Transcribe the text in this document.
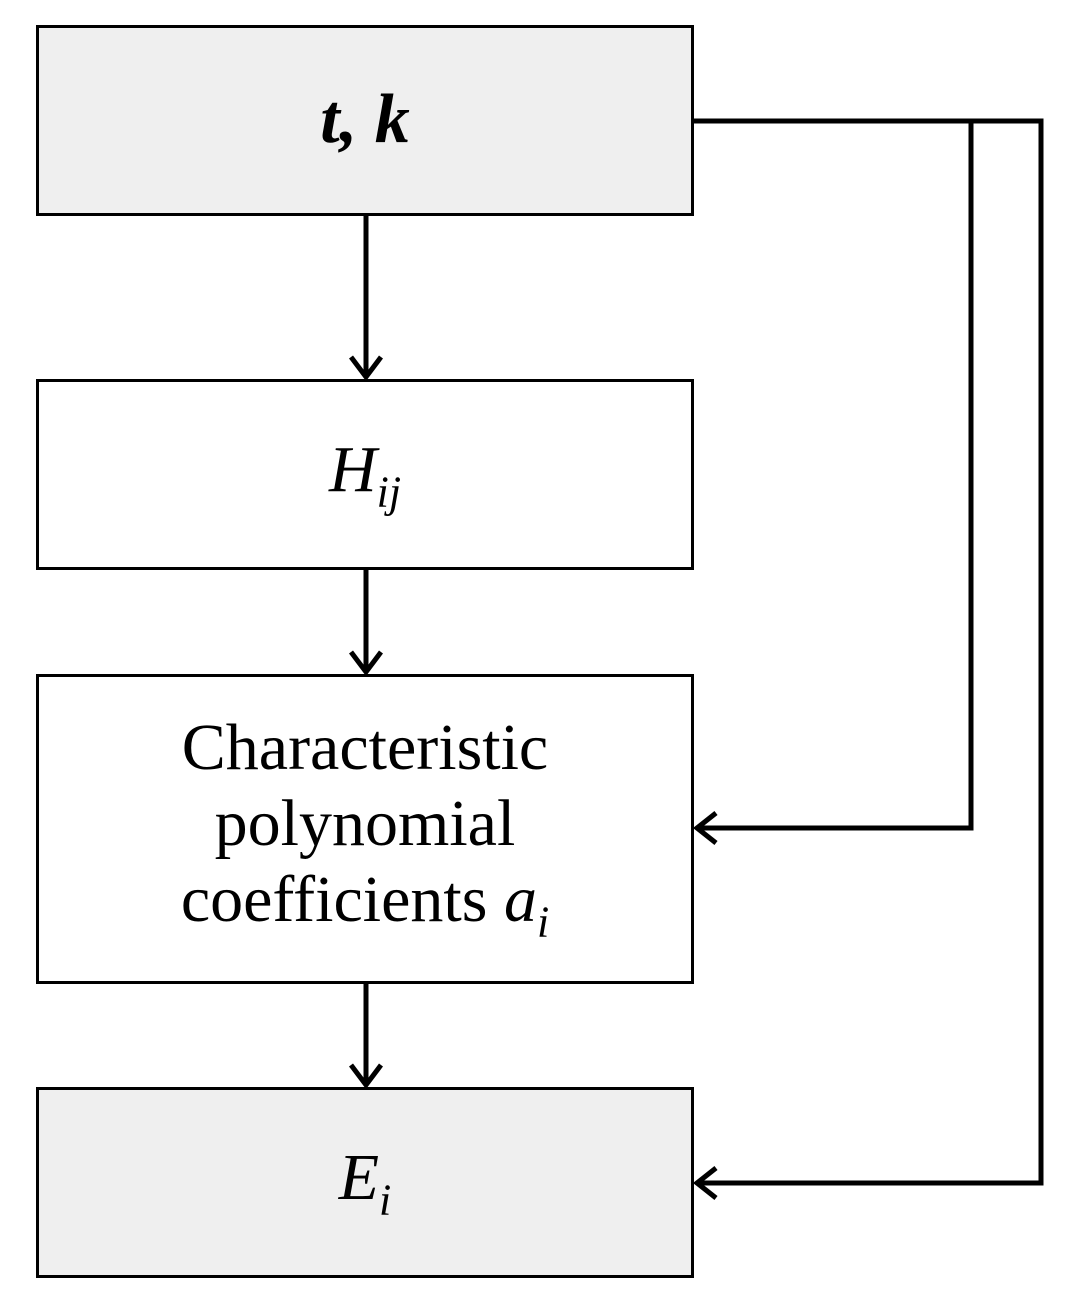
t, k
$H_{ij}$
Characteristic
polynomial
coefficients $a_i$
$E_i$
